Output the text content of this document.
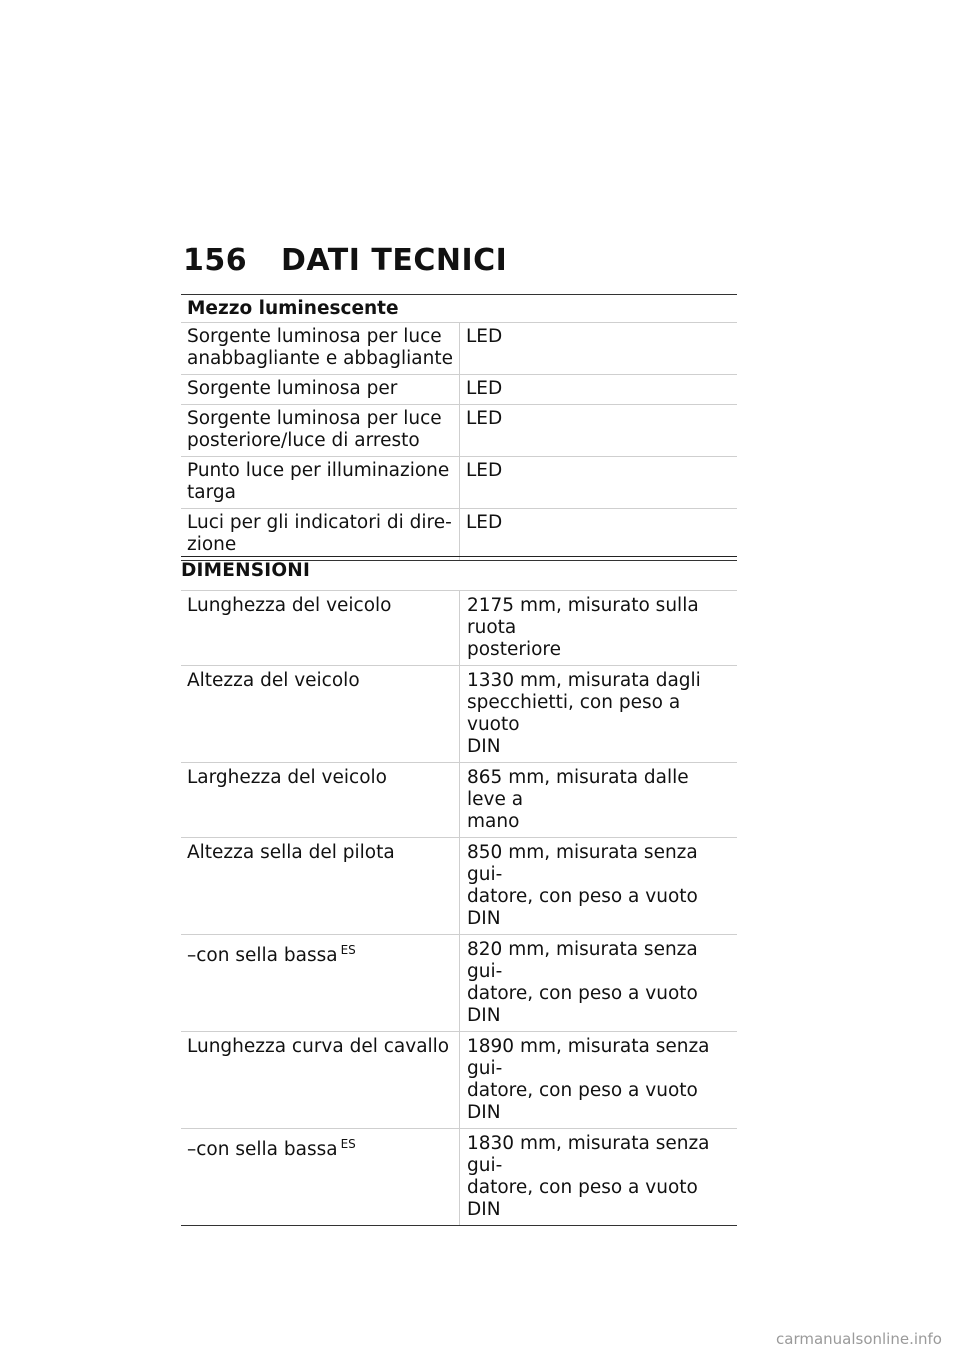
156 DATI TECNICI
Mezzo luminescente	
Sorgente luminosa per luce
anabbagliante e abbagliante	LED
Sorgente luminosa per	LED
Sorgente luminosa per luce
posteriore/luce di arresto	LED
Punto luce per illuminazione
targa	LED
Luci per gli indicatori di dire-
zione	LED
DIMENSIONI
Lunghezza del veicolo	2175 mm, misurato sulla ruota
posteriore
Altezza del veicolo	1330 mm, misurata dagli
specchietti, con peso a vuoto
DIN
Larghezza del veicolo	865 mm, misurata dalle leve a
mano
Altezza sella del pilota	850 mm, misurata senza gui-
datore, con peso a vuoto DIN
–con sella bassa $^{ES}$	820 mm, misurata senza gui-
datore, con peso a vuoto DIN
Lunghezza curva del cavallo	1890 mm, misurata senza gui-
datore, con peso a vuoto DIN
–con sella bassa $^{ES}$	1830 mm, misurata senza gui-
datore, con peso a vuoto DIN
carmanualsonline.info
